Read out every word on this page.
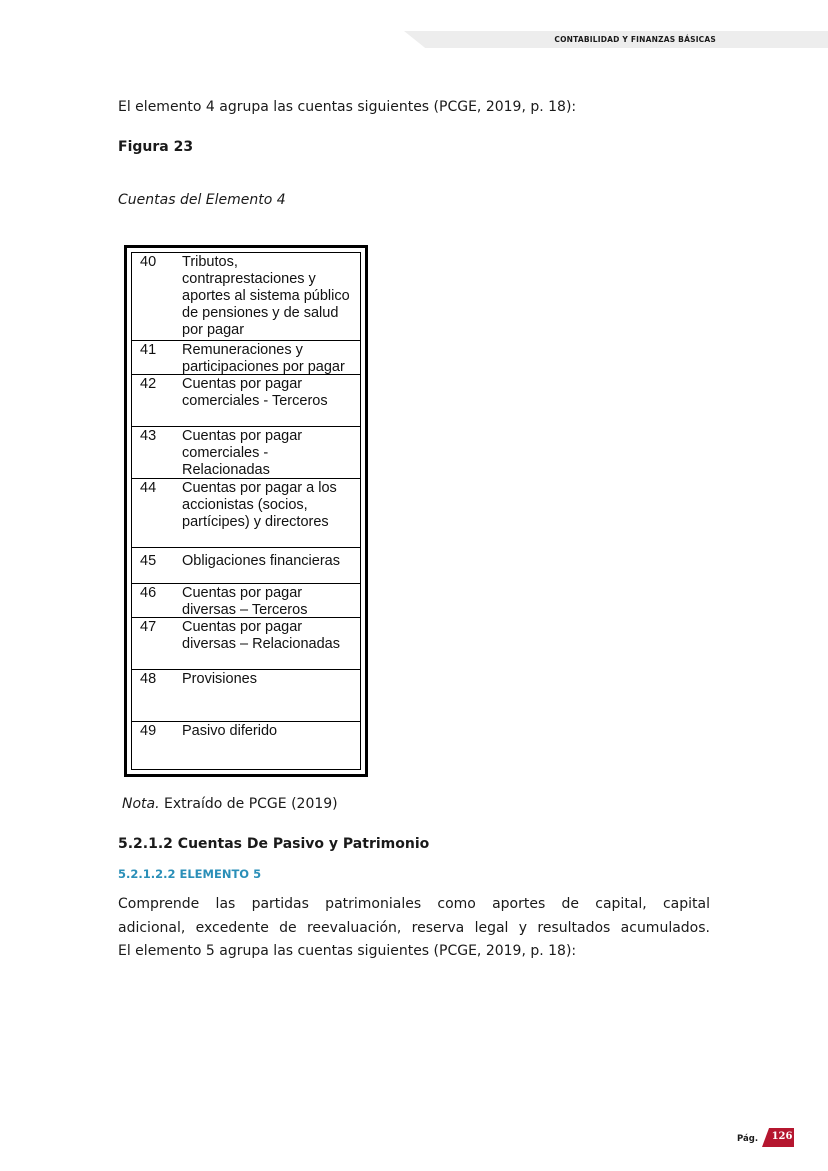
CONTABILIDAD Y FINANZAS BÁSICAS
El elemento 4 agrupa las cuentas siguientes (PCGE, 2019, p. 18):
Figura 23
Cuentas del Elemento 4
40 Tributos, contraprestaciones y aportes al sistema público de pensiones y de salud por pagar
41 Remuneraciones y participaciones por pagar
42 Cuentas por pagar comerciales - Terceros
43 Cuentas por pagar comerciales - Relacionadas
44 Cuentas por pagar a los accionistas (socios, partícipes) y directores
45 Obligaciones financieras
46 Cuentas por pagar diversas – Terceros
47 Cuentas por pagar diversas – Relacionadas
48 Provisiones
49 Pasivo diferido
Nota. Extraído de PCGE (2019)
5.2.1.2 Cuentas De Pasivo y Patrimonio
5.2.1.2.2 ELEMENTO 5
Comprende las partidas patrimoniales como aportes de capital, capital
adicional, excedente de reevaluación, reserva legal y resultados acumulados.
El elemento 5 agrupa las cuentas siguientes (PCGE, 2019, p. 18):
Pág. 126
